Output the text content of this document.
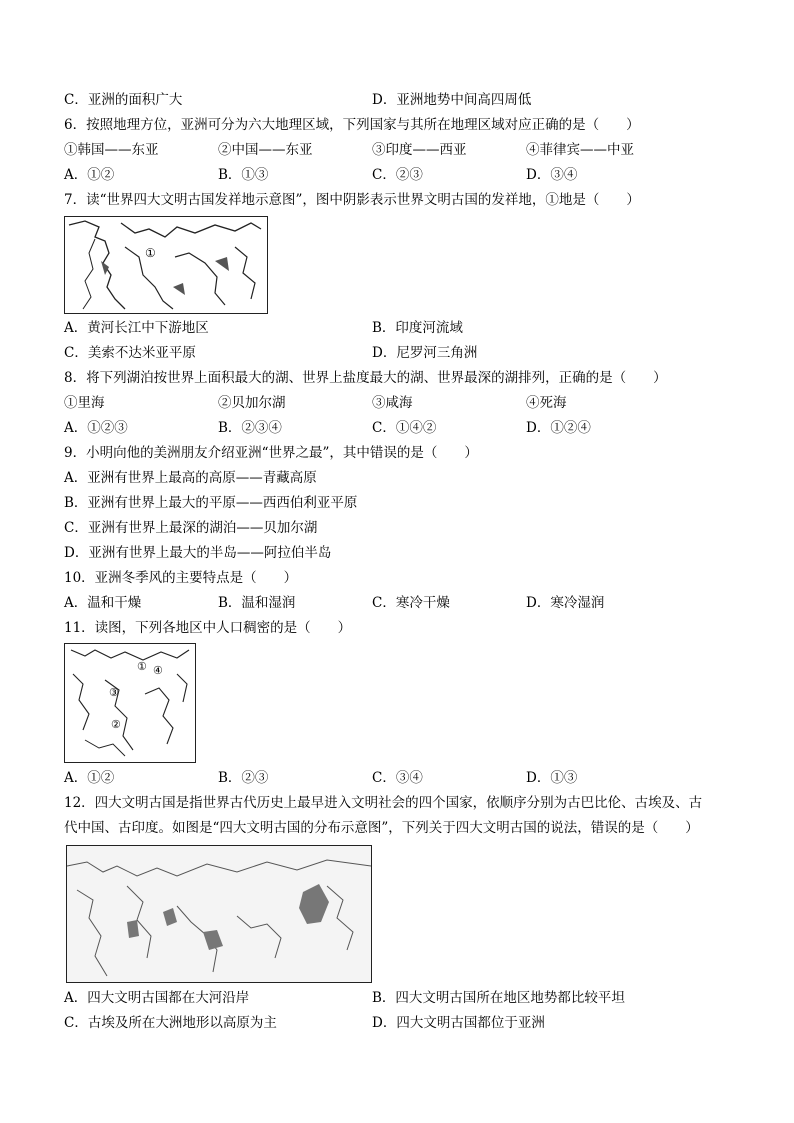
C．亚洲的面积广大	D．亚洲地势中间高四周低
6．按照地理方位，亚洲可分为六大地理区域，下列国家与其所在地理区域对应正确的是（　　）
①韩国——东亚	②中国——东亚	③印度——西亚	④菲律宾——中亚
A．①②	B．①③	C．②③	D．③④
7．读“世界四大文明古国发祥地示意图”，图中阴影表示世界文明古国的发祥地，①地是（　　）
①
A．黄河长江中下游地区	B．印度河流域
C．美索不达米亚平原	D．尼罗河三角洲
8．将下列湖泊按世界上面积最大的湖、世界上盐度最大的湖、世界最深的湖排列，正确的是（　　）
①里海	②贝加尔湖	③咸海	④死海
A．①②③	B．②③④	C．①④②	D．①②④
9．小明向他的美洲朋友介绍亚洲“世界之最”，其中错误的是（　　）
A．亚洲有世界上最高的高原——青藏高原
B．亚洲有世界上最大的平原——西西伯利亚平原
C．亚洲有世界上最深的湖泊——贝加尔湖
D．亚洲有世界上最大的半岛——阿拉伯半岛
10．亚洲冬季风的主要特点是（　　）
A．温和干燥	B．温和湿润	C．寒冷干燥	D．寒冷湿润
11．读图，下列各地区中人口稠密的是（　　）
①
②
③
④
A．①②	B．②③	C．③④	D．①③
12．四大文明古国是指世界古代历史上最早进入文明社会的四个国家，依顺序分别为古巴比伦、古埃及、古
代中国、古印度。如图是“四大文明古国的分布示意图”，下列关于四大文明古国的说法，错误的是（　　）
A．四大文明古国都在大河沿岸	B．四大文明古国所在地区地势都比较平坦
C．古埃及所在大洲地形以高原为主	D．四大文明古国都位于亚洲
